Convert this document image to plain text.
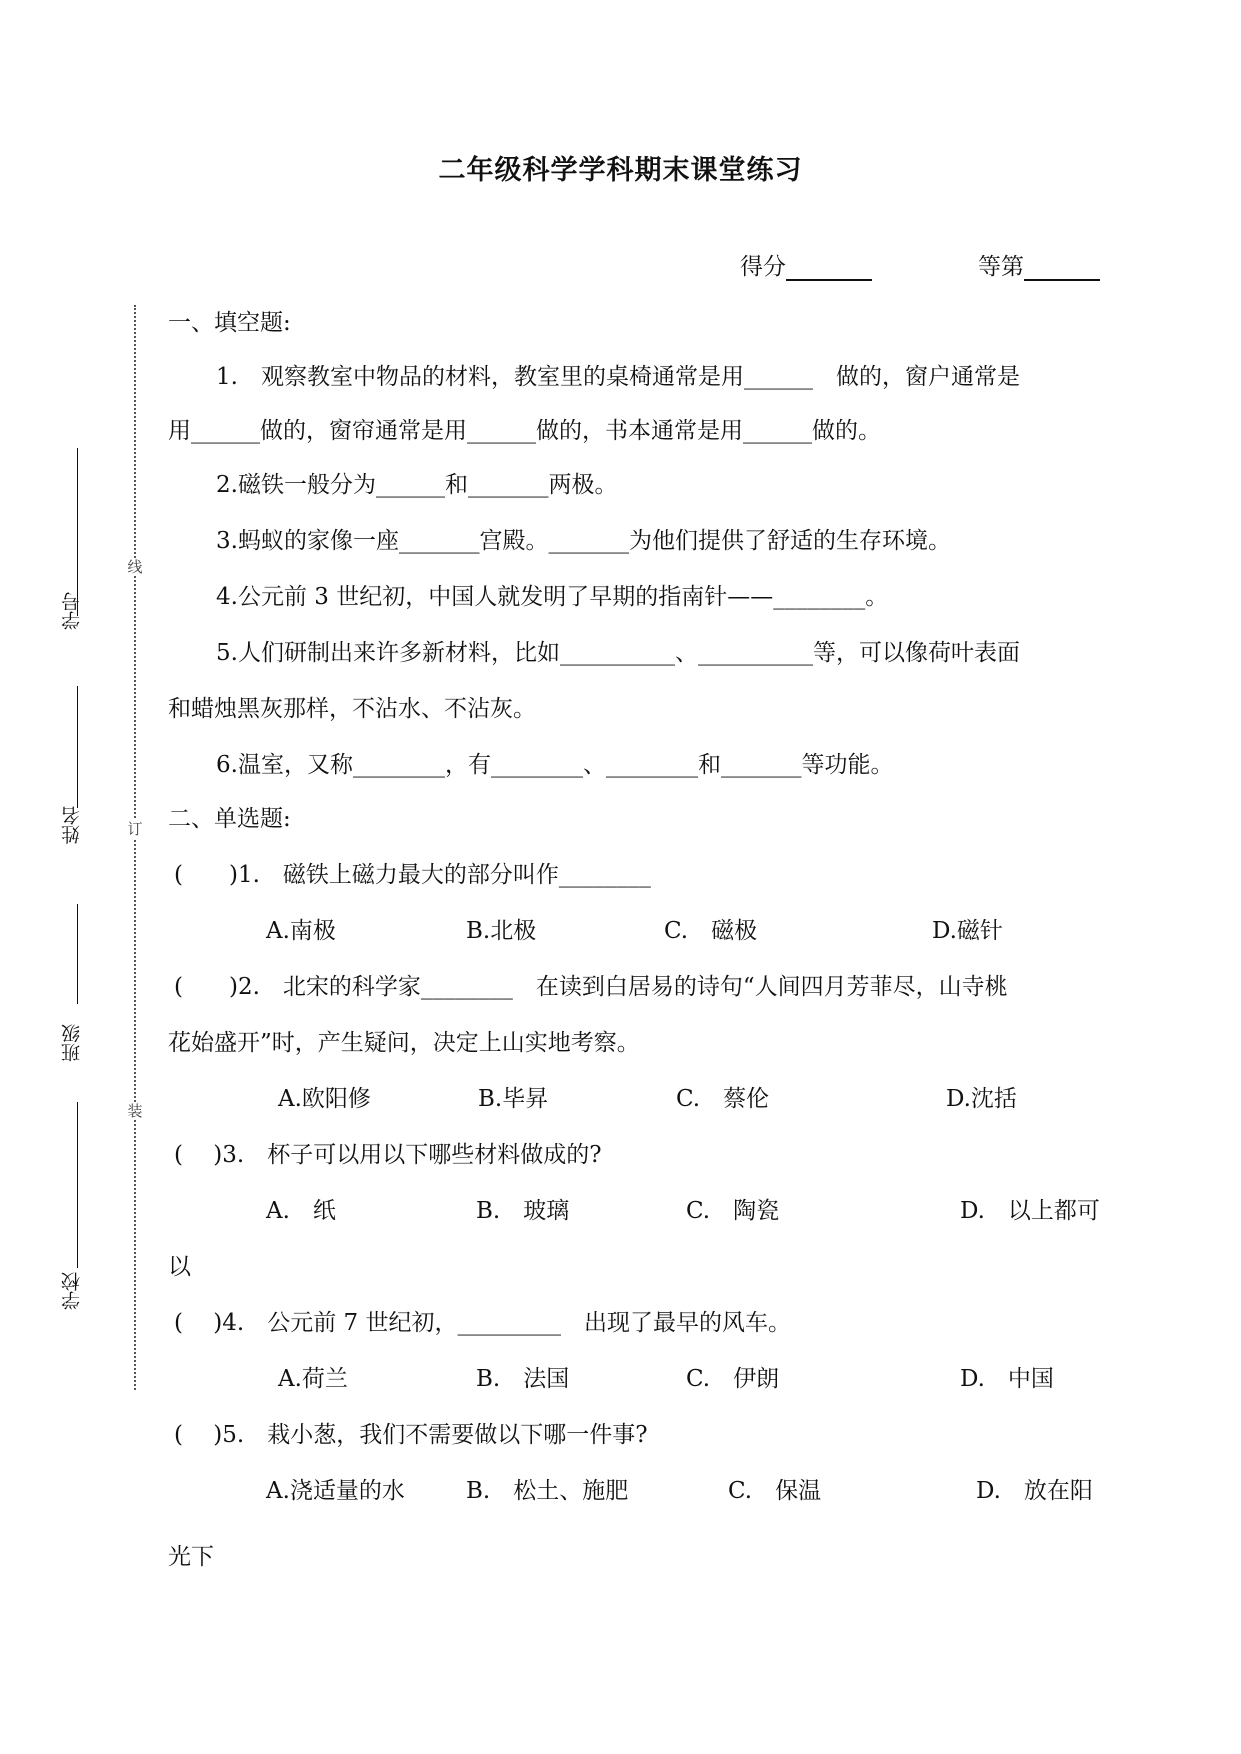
二年级科学学科期末课堂练习
得分	等第
线
订
装
学号
姓名
班级
学校
一、填空题:
1.　观察教室中物品的材料，教室里的桌椅通常是用______　做的，窗户通常是
用______做的，窗帘通常是用______做的，书本通常是用______做的。
2.磁铁一般分为______和_______两极。
3.蚂蚁的家像一座_______宫殿。_______为他们提供了舒适的生存环境。
4.公元前 3 世纪初，中国人就发明了早期的指南针——________。
5.人们研制出来许多新材料，比如__________、__________等，可以像荷叶表面
和蜡烛黑灰那样，不沾水、不沾灰。
6.温室，又称________，有________、________和_______等功能。
二、单选题:
(　　)1.　磁铁上磁力最大的部分叫作________
A.南极	B.北极	C.　磁极	D.磁针
(　　)2.　北宋的科学家________　在读到白居易的诗句“人间四月芳菲尽，山寺桃
花始盛开”时，产生疑问，决定上山实地考察。
A.欧阳修	B.毕昇	C.　蔡伦	D.沈括
(　 )3.　杯子可以用以下哪些材料做成的?
A.　纸	B.　玻璃	C.　陶瓷	D.　以上都可
以
(　 )4.　公元前 7 世纪初，_________　出现了最早的风车。
A.荷兰	B.　法国	C.　伊朗	D.　中国
(　 )5.　栽小葱，我们不需要做以下哪一件事?
A.浇适量的水	B.　松土、施肥	C.　保温	D.　放在阳
光下
